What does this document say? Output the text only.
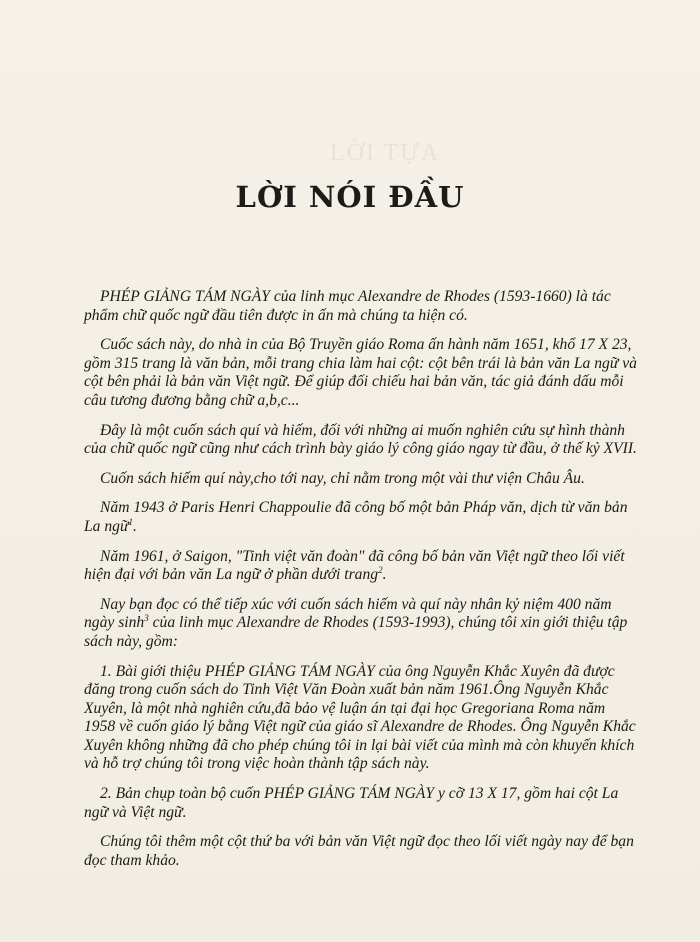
LỜI TỰA
LỜI NÓI ĐẦU

PHÉP GIẢNG TÁM NGÀY của linh mục Alexandre de Rhodes (1593-1660) là tác phẩm chữ quốc ngữ đầu tiên được in ấn mà chúng ta hiện có.

Cuốc sách này, do nhà in của Bộ Truyền giáo Roma ấn hành năm 1651, khổ 17 X 23, gồm 315 trang là văn bản, mỗi trang chia làm hai cột: cột bên trái là bản văn La ngữ và cột bên phải là bản văn Việt ngữ. Để giúp đối chiếu hai bản văn, tác giả đánh dấu mỗi câu tương đương bằng chữ a,b,c...

Đây là một cuốn sách quí và hiếm, đối với những ai muốn nghiên cứu sự hình thành của chữ quốc ngữ cũng như cách trình bày giáo lý công giáo ngay từ đầu, ở thế kỷ XVII.

Cuốn sách hiếm quí này,cho tới nay, chỉ nằm trong một vài thư viện Châu Âu.

Năm 1943 ở Paris Henri Chappoulie đã công bố một bản Pháp văn, dịch từ văn bản La ngữ$^1$.

Năm 1961, ở Saigon, "Tinh việt văn đoàn" đã công bố bản văn Việt ngữ theo lối viết hiện đại với bản văn La ngữ ở phần dưới trang$^2$.

Nay bạn đọc có thể tiếp xúc với cuốn sách hiếm và quí này nhân kỷ niệm 400 năm ngày $\sinh^3$ của linh mục Alexandre de Rhodes (1593-1993), chúng tôi xin giới thiệu tập sách này, gồm:

1. Bài giới thiệu PHÉP GIẢNG TÁM NGÀY của ông Nguyễn Khắc Xuyên đã được đăng trong cuốn sách do Tinh Việt Văn Đoàn xuất bản năm 1961.Ông Nguyễn Khắc Xuyên, là một nhà nghiên cứu,đã bảo vệ luận án tại đại học Gregoriana Roma năm 1958 về cuốn giáo lý bằng Việt ngữ của giáo sĩ Alexandre de Rhodes. Ông Nguyễn Khắc Xuyên không những đã cho phép chúng tôi in lại bài viết của mình mà còn khuyến khích và hỗ trợ chúng tôi trong việc hoàn thành tập sách này.

2. Bản chụp toàn bộ cuốn PHÉP GIẢNG TÁM NGÀY y cỡ 13 X 17, gồm hai cột La ngữ và Việt ngữ.

Chúng tôi thêm một cột thứ ba với bản văn Việt ngữ đọc theo lối viết ngày nay để bạn đọc tham khảo.
